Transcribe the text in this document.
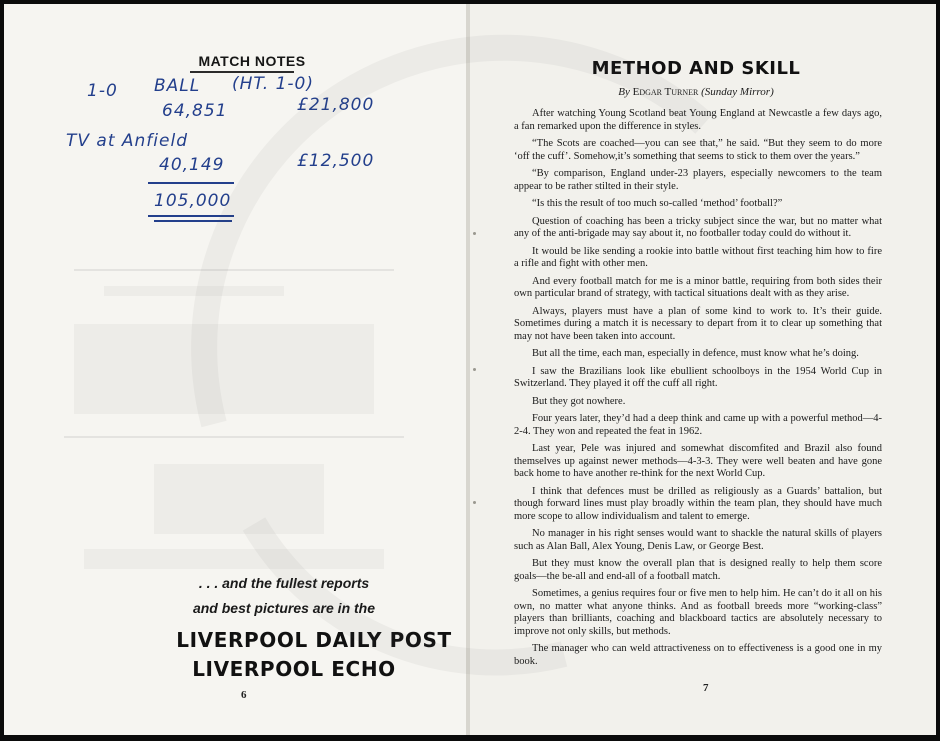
MATCH NOTES
1-0 BALL (HT. 1-0)
64,851	£21,800
TV at Anfield
40,149	£12,500
105,000
. . . and the fullest reports
and best pictures are in the
LIVERPOOL DAILY POST
LIVERPOOL ECHO
6
METHOD AND SKILL
By Edgar Turner (Sunday Mirror)

After watching Young Scotland beat Young England at Newcastle a few days ago, a fan remarked upon the difference in styles.

“The Scots are coached—you can see that,” he said. “But they seem to do more ‘off the cuff’. Somehow,it’s something that seems to stick to them over the years.”

“By comparison, England under-23 players, especially newcomers to the team appear to be rather stilted in their style.

“Is this the result of too much so-called ‘method’ football?”

Question of coaching has been a tricky subject since the war, but no matter what any of the anti-brigade may say about it, no footballer today could do without it.

It would be like sending a rookie into battle without first teaching him how to fire a rifle and fight with other men.

And every football match for me is a minor battle, requiring from both sides their own particular brand of strategy, with tactical situations dealt with as they arise.

Always, players must have a plan of some kind to work to. It’s their guide. Sometimes during a match it is necessary to depart from it to clear up something that may not have been taken into account.

But all the time, each man, especially in defence, must know what he’s doing.

I saw the Brazilians look like ebullient schoolboys in the 1954 World Cup in Switzerland. They played it off the cuff all right.

But they got nowhere.

Four years later, they’d had a deep think and came up with a powerful method—4-2-4. They won and repeated the feat in 1962.

Last year, Pele was injured and somewhat discomfited and Brazil also found themselves up against newer methods—4-3-3. They were well beaten and have gone back home to have another re-think for the next World Cup.

I think that defences must be drilled as religiously as a Guards’ battalion, but though forward lines must play broadly within the team plan, they should have much more scope to allow individualism and talent to emerge.

No manager in his right senses would want to shackle the natural skills of players such as Alan Ball, Alex Young, Denis Law, or George Best.

But they must know the overall plan that is designed really to help them score goals—the be-all and end-all of a football match.

Sometimes, a genius requires four or five men to help him. He can’t do it all on his own, no matter what anyone thinks. And as football breeds more “working-class” players than brilliants, coaching and blackboard tactics are absolutely necessary to improve not only skills, but methods.

The manager who can weld attractiveness on to effectiveness is a good one in my book.

7
